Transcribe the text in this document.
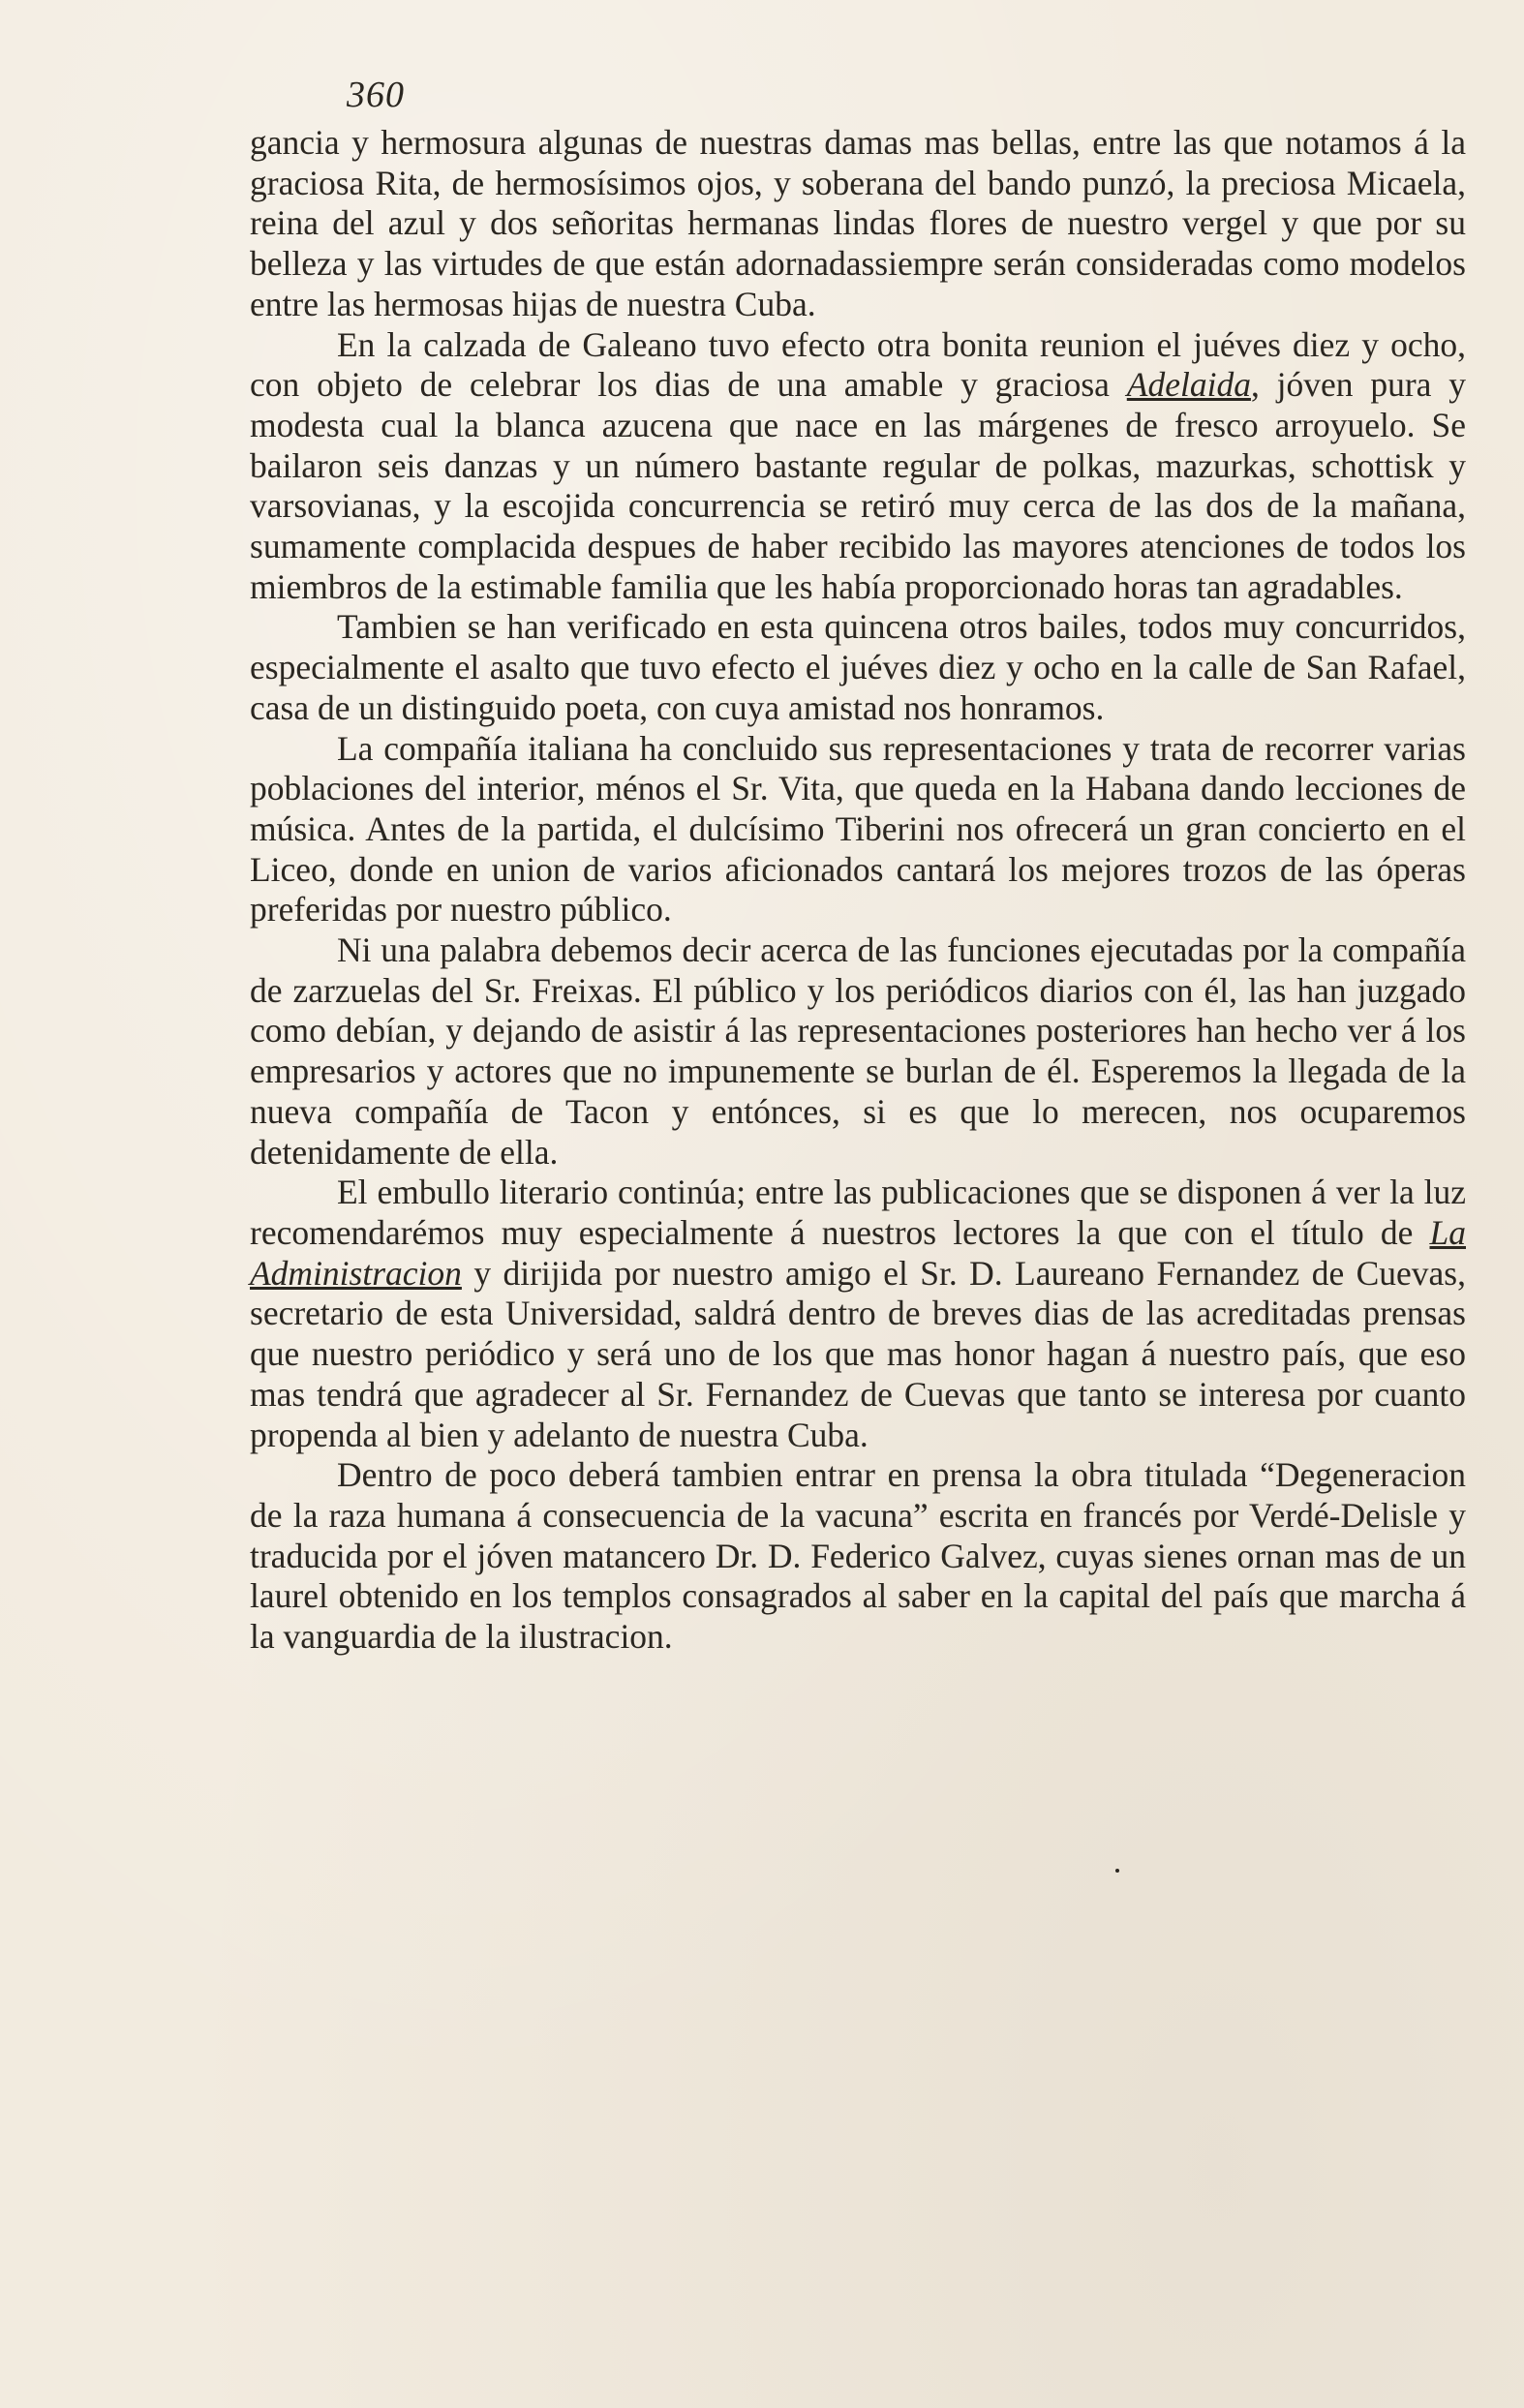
360

gancia y hermosura algunas de nuestras damas mas bellas, entre las que notamos á la graciosa Rita, de hermosísimos ojos, y soberana del bando punzó, la preciosa Micaela, reina del azul y dos señoritas hermanas lindas flores de nuestro vergel y que por su belleza y las virtudes de que están adornadassiempre serán consideradas como modelos entre las hermosas hijas de nuestra Cuba.

En la calzada de Galeano tuvo efecto otra bonita reunion el juéves diez y ocho, con objeto de celebrar los dias de una amable y graciosa Adelaida, jóven pura y modesta cual la blanca azucena que nace en las márgenes de fresco arroyuelo. Se bailaron seis danzas y un número bastante regular de polkas, mazurkas, schottisk y varsovianas, y la escojida concurrencia se retiró muy cerca de las dos de la mañana, sumamente complacida despues de haber recibido las mayores atenciones de todos los miembros de la estimable familia que les había proporcionado horas tan agradables.

Tambien se han verificado en esta quincena otros bailes, todos muy concurridos, especialmente el asalto que tuvo efecto el juéves diez y ocho en la calle de San Rafael, casa de un distinguido poeta, con cuya amistad nos honramos.

La compañía italiana ha concluido sus representaciones y trata de recorrer varias poblaciones del interior, ménos el Sr. Vita, que queda en la Habana dando lecciones de música. Antes de la partida, el dulcísimo Tiberini nos ofrecerá un gran concierto en el Liceo, donde en union de varios aficionados cantará los mejores trozos de las óperas preferidas por nuestro público.

Ni una palabra debemos decir acerca de las funciones ejecutadas por la compañía de zarzuelas del Sr. Freixas. El público y los periódicos diarios con él, las han juzgado como debían, y dejando de asistir á las representaciones posteriores han hecho ver á los empresarios y actores que no impunemente se burlan de él. Esperemos la llegada de la nueva compañía de Tacon y entónces, si es que lo merecen, nos ocuparemos detenidamente de ella.

El embullo literario continúa; entre las publicaciones que se disponen á ver la luz recomendarémos muy especialmente á nuestros lectores la que con el título de La Administracion y dirijida por nuestro amigo el Sr. D. Laureano Fernandez de Cuevas, secretario de esta Universidad, saldrá dentro de breves dias de las acreditadas prensas que nuestro periódico y será uno de los que mas honor hagan á nuestro país, que eso mas tendrá que agradecer al Sr. Fernandez de Cuevas que tanto se interesa por cuanto propenda al bien y adelanto de nuestra Cuba.

Dentro de poco deberá tambien entrar en prensa la obra titulada “Degeneracion de la raza humana á consecuencia de la vacuna” escrita en francés por Verdé-Delisle y traducida por el jóven matancero Dr. D. Federico Galvez, cuyas sienes ornan mas de un laurel obtenido en los templos consagrados al saber en la capital del país que marcha á la vanguardia de la ilustracion.
